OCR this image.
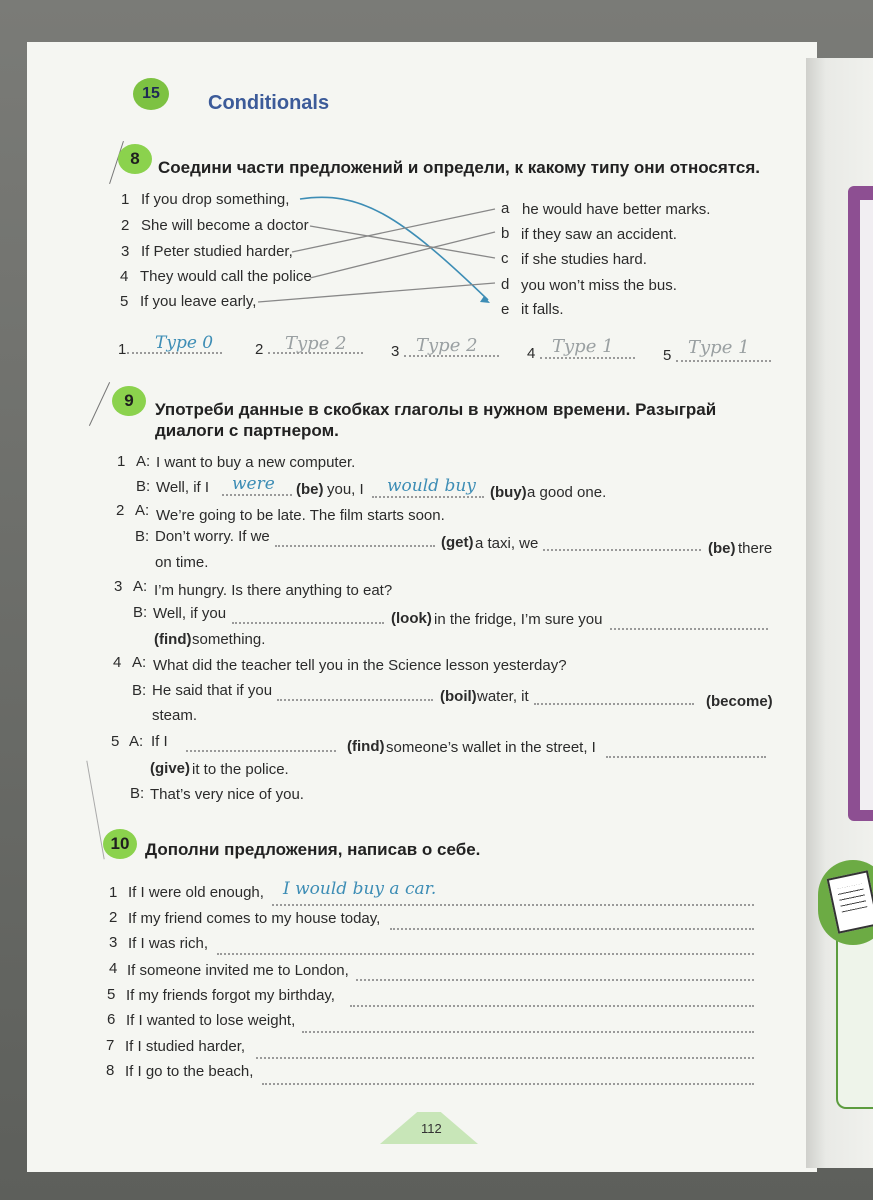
15	Conditionals
8	Соедини части предложений и определи, к какому типу они относятся.
1 If you drop something,
2 She will become a doctor
3 If Peter studied harder,
4 They would call the police
5 If you leave early,
a he would have better marks.
b if they saw an accident.
c if she studies hard.
d you won’t miss the bus.
e it falls.
1 Type 0	2 Type 2	3 Type 2	4 Type 1	5 Type 1
9	Употреби данные в скобках глаголы в нужном времени. Разыграй
диалоги с партнером.
1 A: I want to buy a new computer.
B: Well, if I were (be) you, I would buy (buy) a good one.
2 A: We’re going to be late. The film starts soon.
B: Don’t worry. If we	(get) a taxi, we	(be) there
on time.
3 A: I’m hungry. Is there anything to eat?
B: Well, if you	(look) in the fridge, I’m sure you
(find) something.
4 A: What did the teacher tell you in the Science lesson yesterday?
B: He said that if you	(boil) water, it	(become)
steam.
5 A: If I	(find) someone’s wallet in the street, I
(give) it to the police.
B: That’s very nice of you.
10 Дополни предложения, написав о себе.
1 If I were old enough, I would buy a car.
2 If my friend comes to my house today,
3 If I was rich,
4 If someone invited me to London,
5 If my friends forgot my birthday,
6 If I wanted to lose weight,
7 If I studied harder,
8 If I go to the beach,
112
